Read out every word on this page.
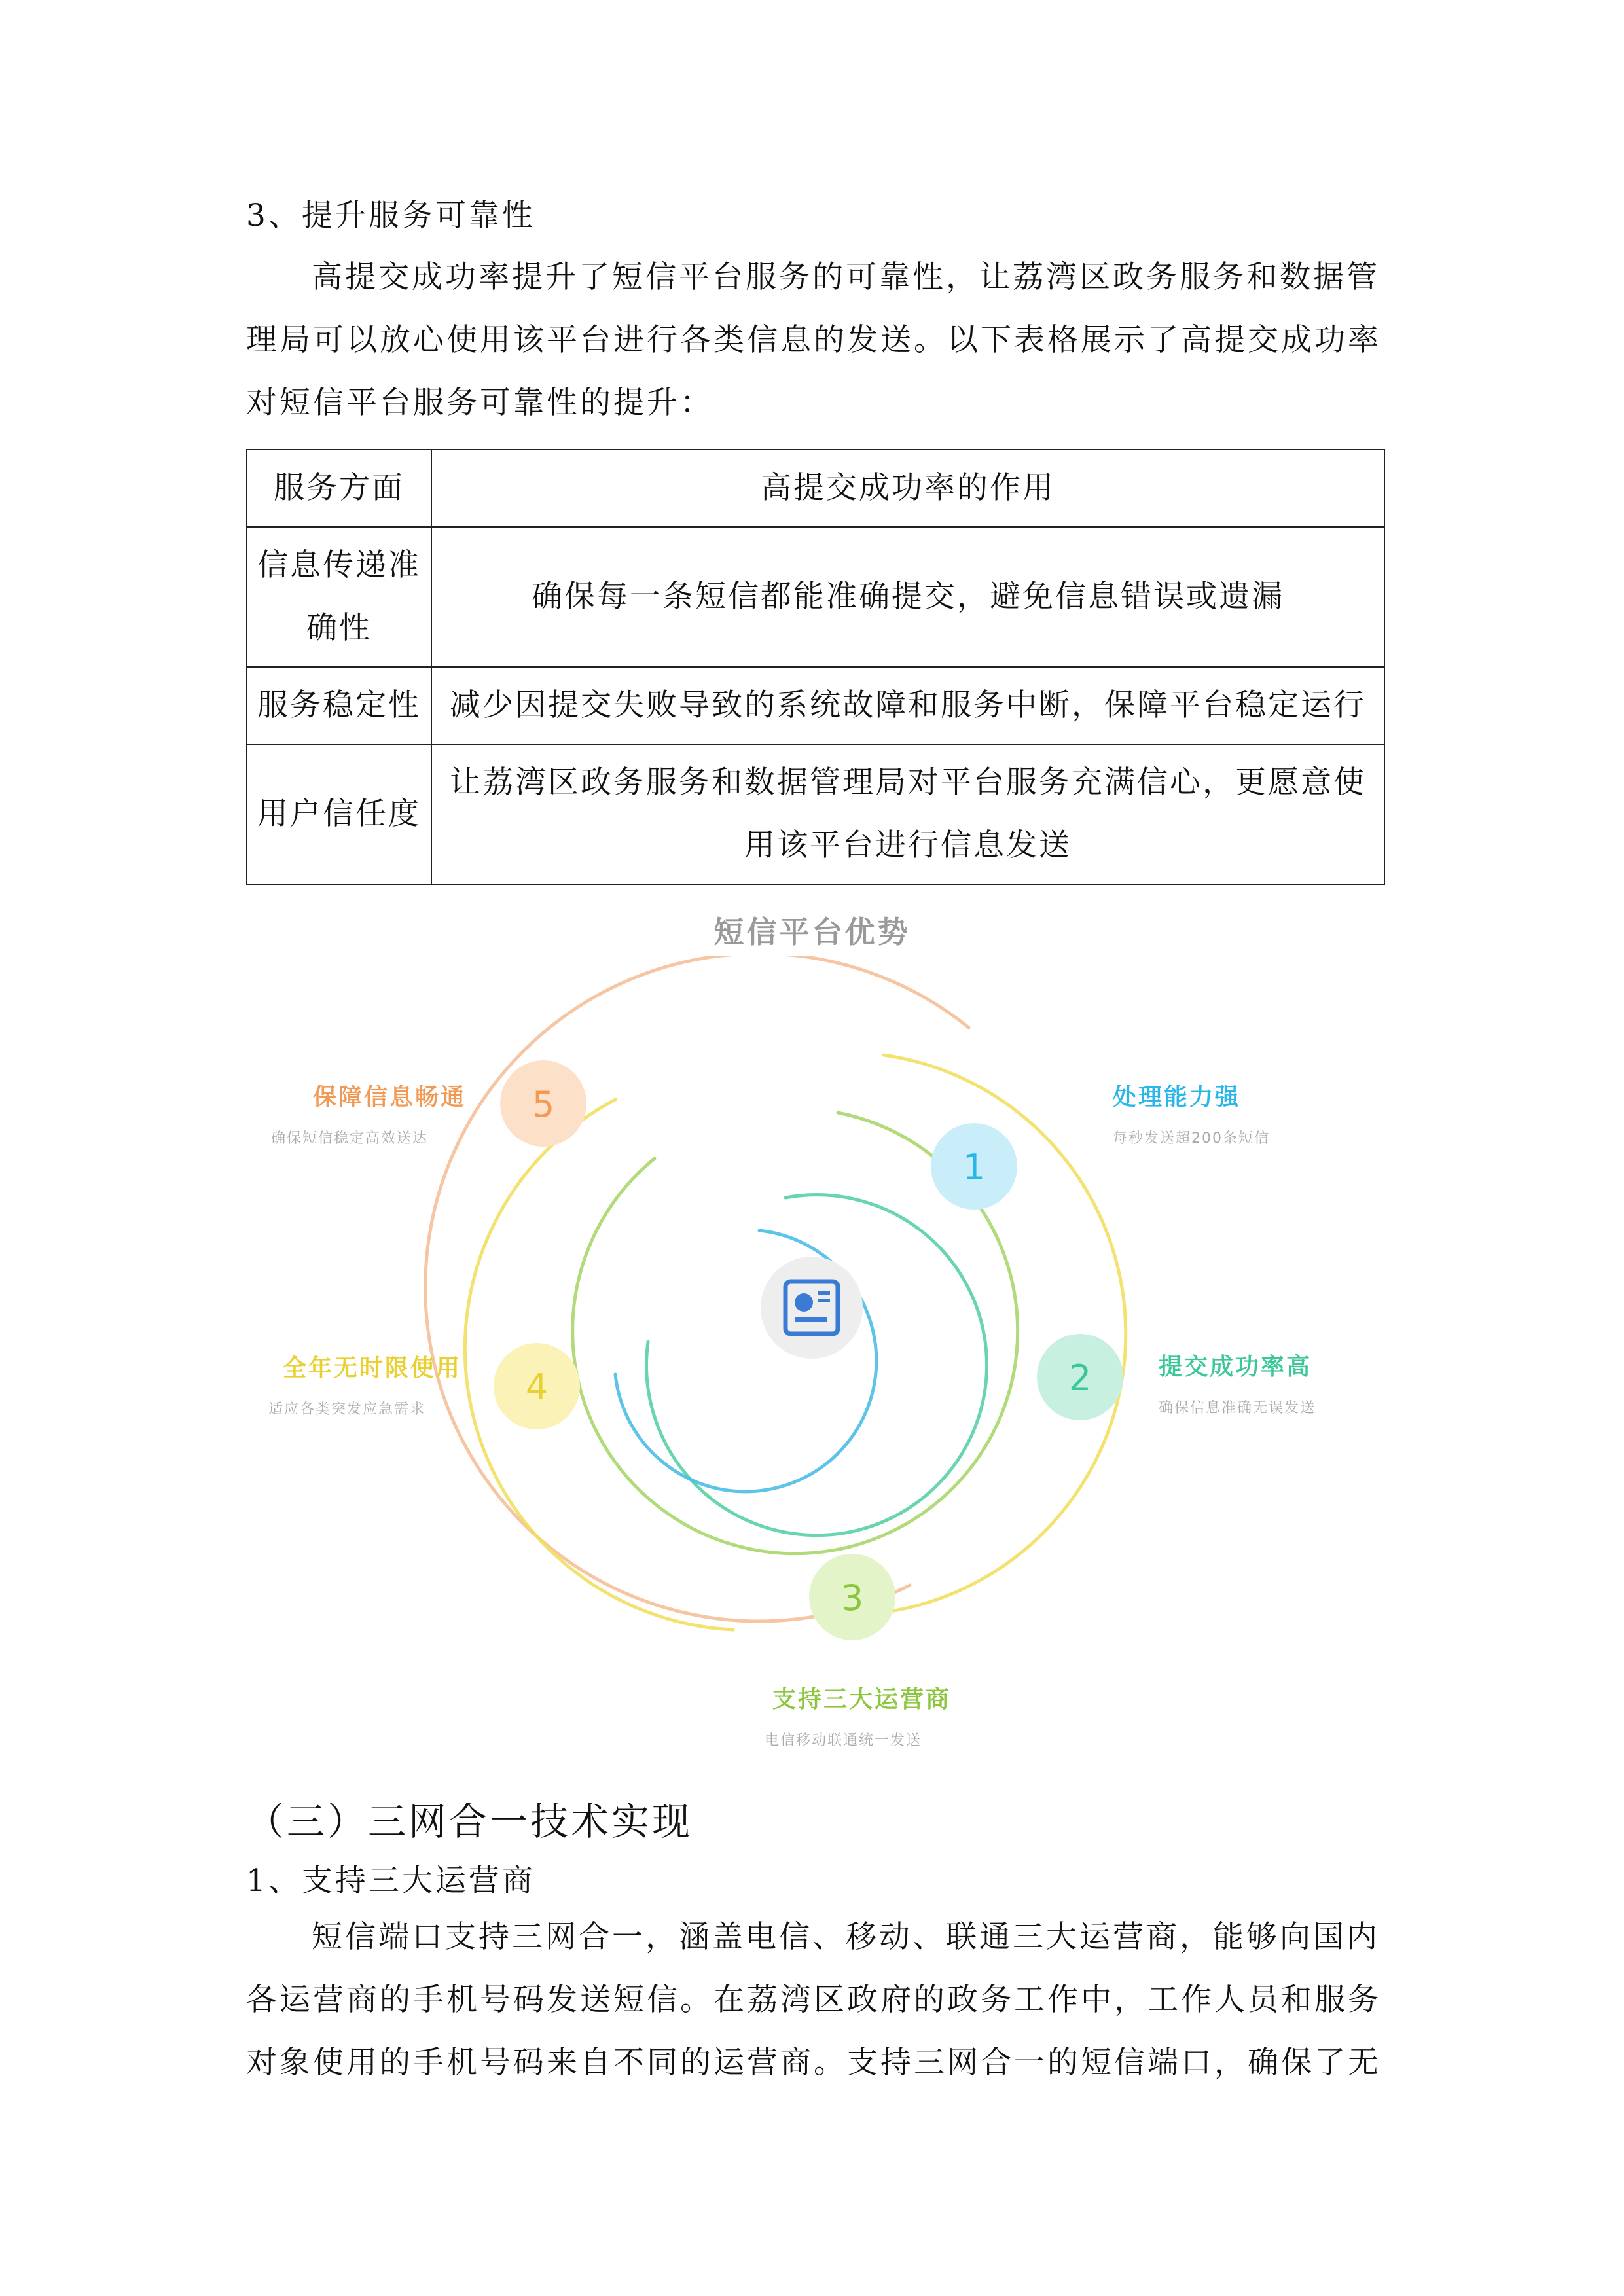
3、提升服务可靠性
高提交成功率提升了短信平台服务的可靠性，让荔湾区政务服务和数据管理局可以放心使用该平台进行各类信息的发送。以下表格展示了高提交成功率对短信平台服务可靠性的提升：
服务方面	高提交成功率的作用
信息传递准确性	确保每一条短信都能准确提交，避免信息错误或遗漏
服务稳定性	减少因提交失败导致的系统故障和服务中断，保障平台稳定运行
用户信任度	让荔湾区政务服务和数据管理局对平台服务充满信心，更愿意使用该平台进行信息发送
短信平台优势
1
2
3
4
5	处理能力强
每秒发送超200条短信
提交成功率高
确保信息准确无误发送
支持三大运营商
电信移动联通统一发送
全年无时限使用
适应各类突发应急需求
保障信息畅通
确保短信稳定高效送达
（三）三网合一技术实现
1、支持三大运营商
短信端口支持三网合一，涵盖电信、移动、联通三大运营商，能够向国内各运营商的手机号码发送短信。在荔湾区政府的政务工作中，工作人员和服务对象使用的手机号码来自不同的运营商。支持三网合一的短信端口，确保了无
